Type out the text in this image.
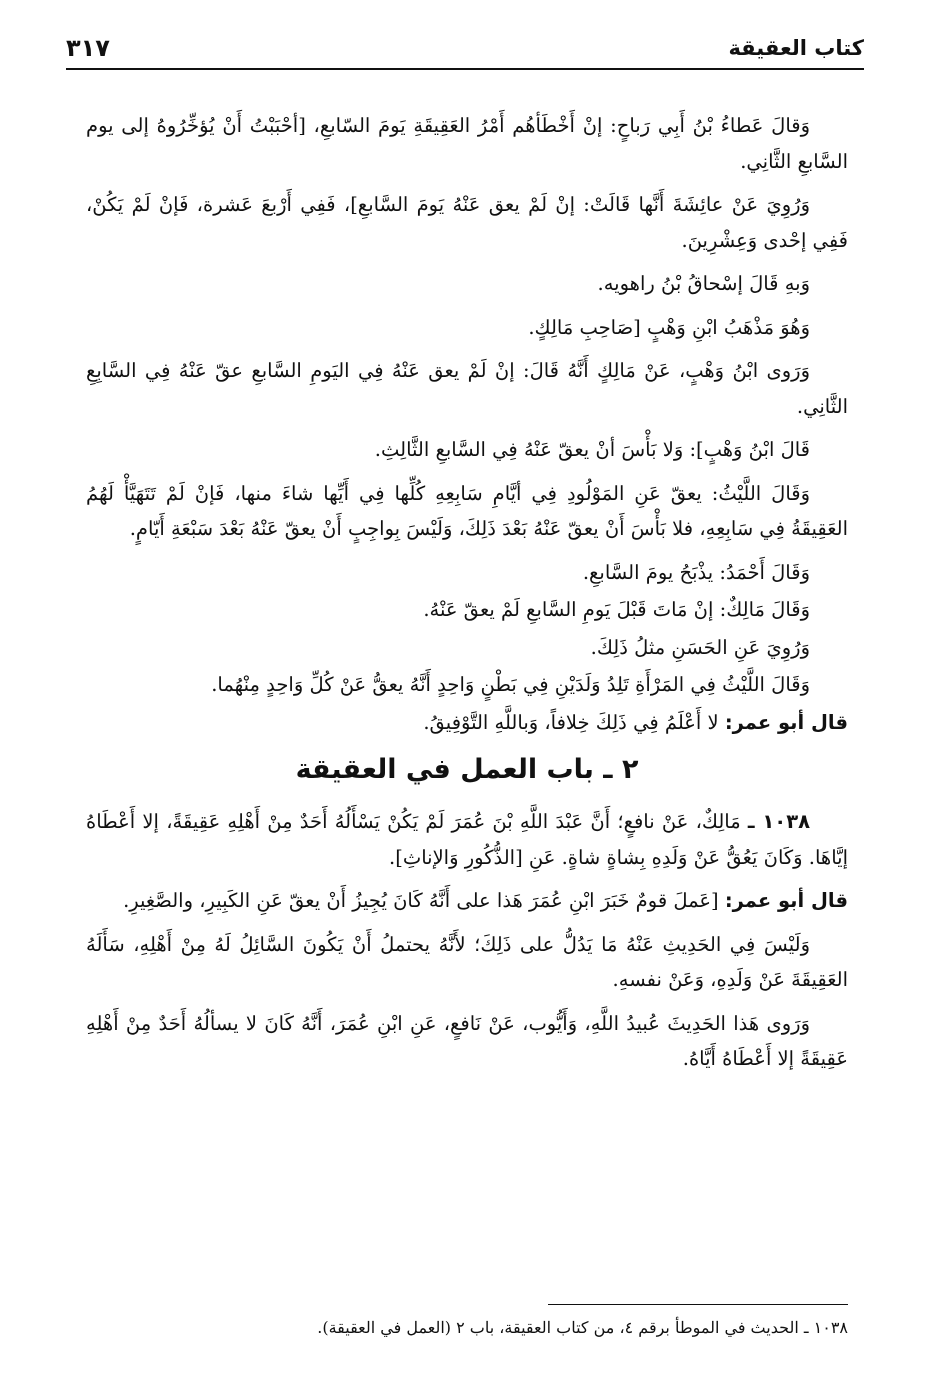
كتاب العقيقة
٣١٧

وَقالَ عَطاءُ بْنُ أَبِي رَباحٍ: إنْ أَخْطَأهُم أَمْرُ العَقِيقَةِ يَومَ السّابعِ، [أحْبَبْتُ أَنْ يُؤخِّرُوهُ إلى يوم السَّابعِ الثَّانِي.

وَرُوِيَ عَنْ عائِشَةَ أَنَّها قَالَتْ: إنْ لَمْ يعق عَنْهُ يَومَ السَّابعِ]، فَفِي أَرْبعَ عَشرة، فَإنْ لَمْ يَكُنْ، فَفِي إحْدى وَعِشْرِينَ.

وَبهِ قَالَ إسْحاقُ بْنُ راهويه.

وَهُوَ مَذْهَبُ ابْنِ وَهْبٍ [صَاحِبِ مَالِكٍ.

وَرَوى ابْنُ وَهْبٍ، عَنْ مَالِكٍ أَنَّهُ قَالَ: إنْ لَمْ يعق عَنْهُ فِي اليَومِ السَّابعِ عقّ عَنْهُ فِي السَّابِعِ الثَّانِي.

قَالَ ابْنُ وَهْبٍ]: وَلا بَأْسَ أنْ يعقّ عَنْهُ فِي السَّابعِ الثَّالِثِ.

وَقَالَ اللَّيْثُ: يعقّ عَنِ المَوْلُودِ فِي أيَّامِ سَابِعِهِ كُلِّها فِي أَيِّها شاءَ منها، فَإنْ لَمْ تَتَهَيَّأْ لَهُمُ العَقِيقَةُ فِي سَابِعِهِ، فلا بَأْسَ أَنْ يعقّ عَنْهُ بَعْدَ ذَلِكَ، وَلَيْسَ بِواجِبٍ أَنْ يعقّ عَنْهُ بَعْدَ سَبْعَةِ أَيّامٍ.

وَقَالَ أَحْمَدُ: يذْبَحُ يومَ السَّابعِ.

وَقَالَ مَالِكٌ: إنْ مَاتَ قَبْلَ يَومِ السَّابعِ لَمْ يعقّ عَنْهُ.

وَرُوِيَ عَنِ الحَسَنِ مثلُ ذَلِكَ.

وَقَالَ اللَّيْثُ فِي المَرْأَةِ تَلِدُ وَلَدَيْنِ فِي بَطْنٍ وَاحِدٍ أَنَّهُ يعقُّ عَنْ كُلِّ وَاحِدٍ مِنْهُما.

قال أبو عمر: لا أَعْلَمُ فِي ذَلِكَ خِلافاً، وَباللَّهِ التَّوْفِيقُ.

٢ ـ باب العمل في العقيقة

١٠٣٨ ـ مَالِكٌ، عَنْ نافعٍ؛ أَنَّ عَبْدَ اللَّهِ بْنَ عُمَرَ لَمْ يَكُنْ يَسْأَلُهُ أَحَدٌ مِنْ أَهْلِهِ عَقِيقَةً، إلا أَعْطَاهُ إيَّاهَا. وَكَانَ يَعُقُّ عَنْ وَلَدِهِ بِشاةٍ شاةٍ. عَنِ [الذُّكُورِ وَالإناثِ].

قال أبو عمر: [عَملَ قومٌ خَبَرَ ابْنِ عُمَرَ هَذا على أَنَّهُ كَانَ يُجِيزُ أَنْ يعقّ عَنِ الكَبِيرِ، والصَّغِيرِ.

وَلَيْسَ فِي الحَدِيثِ عَنْهُ مَا يَدُلُّ على ذَلِكَ؛ لأَنَّهُ يحتملُ أَنْ يَكُونَ السَّائِلُ لَهُ مِنْ أَهْلِهِ، سَأَلَهُ العَقِيقَةَ عَنْ وَلَدِهِ، وَعَنْ نفسهِ.

وَرَوى هَذا الحَدِيثَ عُبيدُ اللَّهِ، وَأَيُّوب، عَنْ نَافعٍ، عَنِ ابْنِ عُمَرَ، أَنَّهُ كَانَ لا يسألُهُ أَحَدٌ مِنْ أَهْلِهِ عَقِيقَةً إلا أَعْطَاهُ أَيَّاهُ.

١٠٣٨ ـ الحديث في الموطأ برقم ٤، من كتاب العقيقة، باب ٢ (العمل في العقيقة).
